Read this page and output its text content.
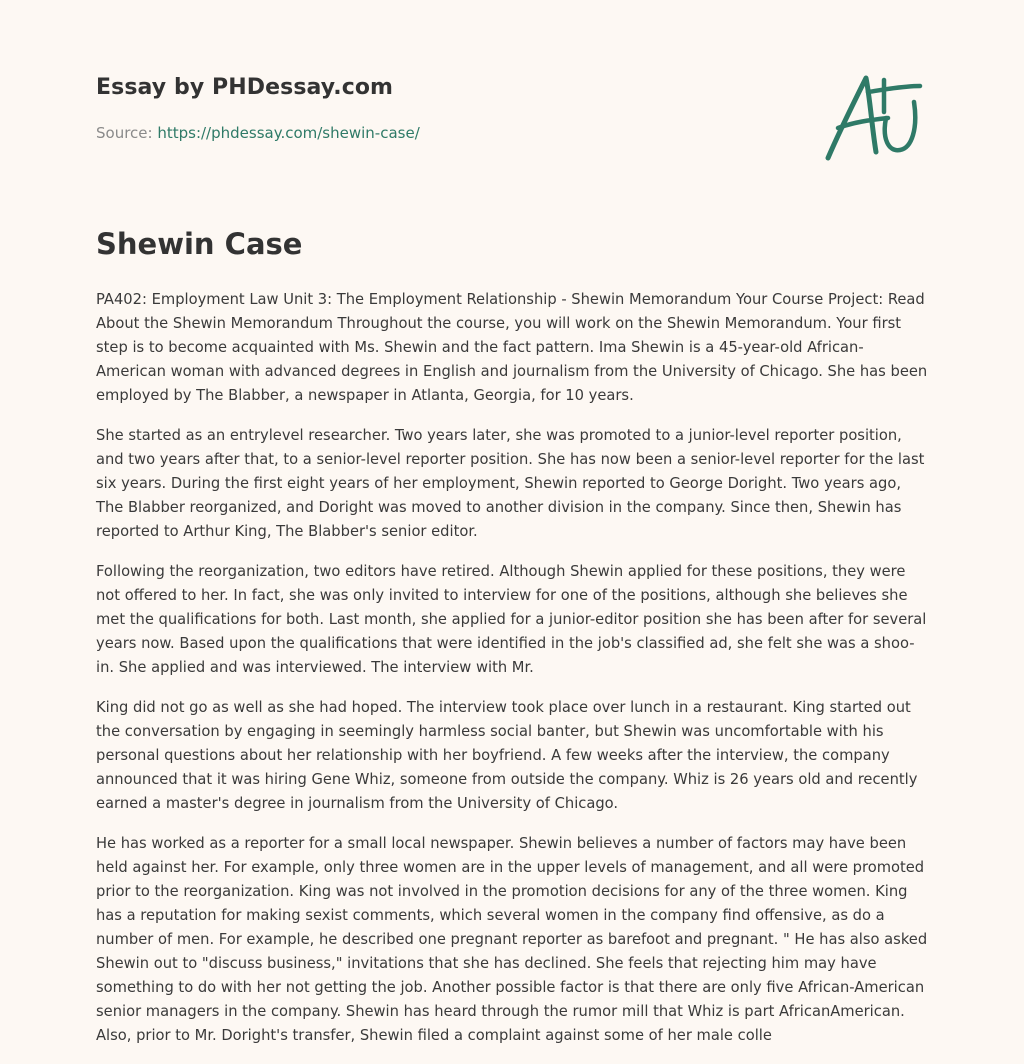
Essay by PHDessay.com
Source: https://phdessay.com/shewin-case/
Shewin Case

PA402: Employment Law Unit 3: The Employment Relationship - Shewin Memorandum Your Course Project: Read About the Shewin Memorandum Throughout the course, you will work on the Shewin Memorandum. Your first step is to become acquainted with Ms. Shewin and the fact pattern. Ima Shewin is a 45-year-old African-American woman with advanced degrees in English and journalism from the University of Chicago. She has been employed by The Blabber, a newspaper in Atlanta, Georgia, for 10 years.

She started as an entrylevel researcher. Two years later, she was promoted to a junior-level reporter position, and two years after that, to a senior-level reporter position. She has now been a senior-level reporter for the last six years. During the first eight years of her employment, Shewin reported to George Doright. Two years ago, The Blabber reorganized, and Doright was moved to another division in the company. Since then, Shewin has reported to Arthur King, The Blabber's senior editor.

Following the reorganization, two editors have retired. Although Shewin applied for these positions, they were not offered to her. In fact, she was only invited to interview for one of the positions, although she believes she met the qualifications for both. Last month, she applied for a junior-editor position she has been after for several years now. Based upon the qualifications that were identified in the job's classified ad, she felt she was a shoo-in. She applied and was interviewed. The interview with Mr.

King did not go as well as she had hoped. The interview took place over lunch in a restaurant. King started out the conversation by engaging in seemingly harmless social banter, but Shewin was uncomfortable with his personal questions about her relationship with her boyfriend. A few weeks after the interview, the company announced that it was hiring Gene Whiz, someone from outside the company. Whiz is 26 years old and recently earned a master's degree in journalism from the University of Chicago.

He has worked as a reporter for a small local newspaper. Shewin believes a number of factors may have been held against her. For example, only three women are in the upper levels of management, and all were promoted prior to the reorganization. King was not involved in the promotion decisions for any of the three women. King has a reputation for making sexist comments, which several women in the company find offensive, as do a number of men. For example, he described one pregnant reporter as barefoot and pregnant. " He has also asked Shewin out to "discuss business," invitations that she has declined. She feels that rejecting him may have something to do with her not getting the job. Another possible factor is that there are only five African-American senior managers in the company. Shewin has heard through the rumor mill that Whiz is part AfricanAmerican. Also, prior to Mr. Doright's transfer, Shewin filed a complaint against some of her male colle
